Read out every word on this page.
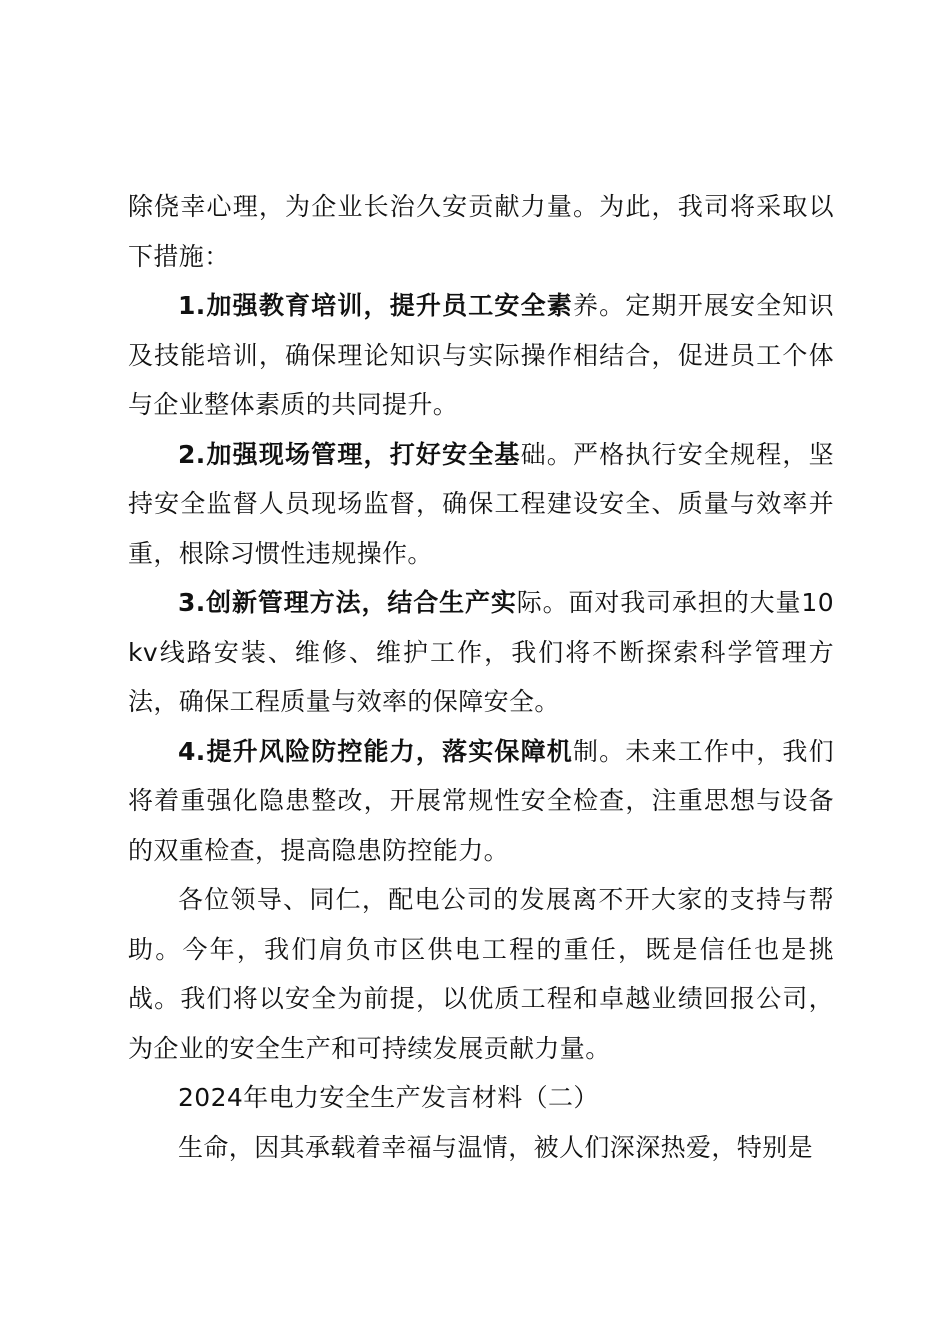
除侥幸心理，为企业长治久安贡献力量。为此，我司将采取以下措施：

1.加强教育培训，提升员工安全素养。定期开展安全知识及技能培训，确保理论知识与实际操作相结合，促进员工个体与企业整体素质的共同提升。

2.加强现场管理，打好安全基础。严格执行安全规程，坚持安全监督人员现场监督，确保工程建设安全、质量与效率并重，根除习惯性违规操作。

3.创新管理方法，结合生产实际。面对我司承担的大量10kv线路安装、维修、维护工作，我们将不断探索科学管理方法，确保工程质量与效率的保障安全。

4.提升风险防控能力，落实保障机制。未来工作中，我们将着重强化隐患整改，开展常规性安全检查，注重思想与设备的双重检查，提高隐患防控能力。

各位领导、同仁，配电公司的发展离不开大家的支持与帮助。今年，我们肩负市区供电工程的重任，既是信任也是挑战。我们将以安全为前提，以优质工程和卓越业绩回报公司，为企业的安全生产和可持续发展贡献力量。

2024年电力安全生产发言材料（二）

生命，因其承载着幸福与温情，被人们深深热爱，特别是
